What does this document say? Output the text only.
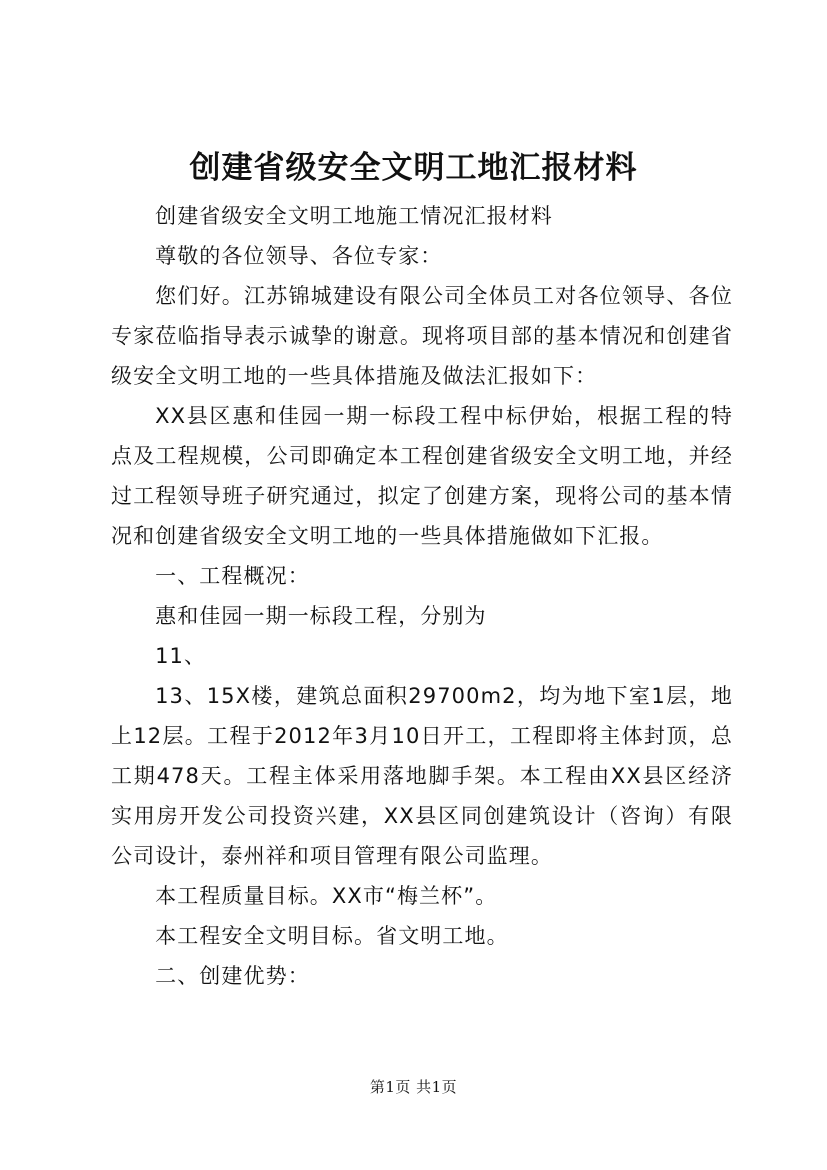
创建省级安全文明工地汇报材料

创建省级安全文明工地施工情况汇报材料

尊敬的各位领导、各位专家：

您们好。江苏锦城建设有限公司全体员工对各位领导、各位专家莅临指导表示诚挚的谢意。现将项目部的基本情况和创建省级安全文明工地的一些具体措施及做法汇报如下：

XX县区惠和佳园一期一标段工程中标伊始，根据工程的特点及工程规模，公司即确定本工程创建省级安全文明工地，并经过工程领导班子研究通过，拟定了创建方案，现将公司的基本情况和创建省级安全文明工地的一些具体措施做如下汇报。

一、工程概况：

惠和佳园一期一标段工程，分别为

11、

13、15X楼，建筑总面积29700m2，均为地下室1层，地上12层。工程于2012年3月10日开工，工程即将主体封顶，总工期478天。工程主体采用落地脚手架。本工程由XX县区经济实用房开发公司投资兴建，XX县区同创建筑设计（咨询）有限公司设计，泰州祥和项目管理有限公司监理。

本工程质量目标。XX市“梅兰杯”。

本工程安全文明目标。省文明工地。

二、创建优势：

第1页 共1页
